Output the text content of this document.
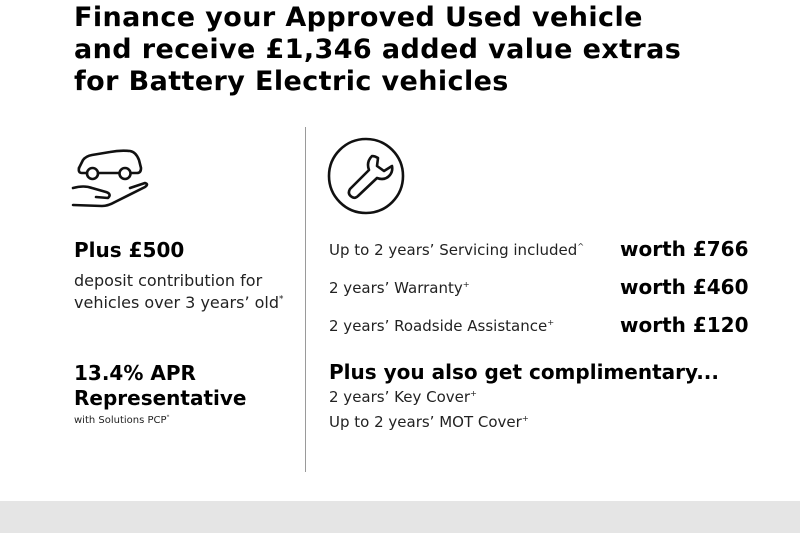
Finance your Approved Used vehicle
and receive £1,346 added value extras
for Battery Electric vehicles

Plus £500

deposit contribution for
vehicles over 3 years’ old*
13.4% APR
Representative
with Solutions PCP*
Up to 2 years’ Servicing included^ worth £766
2 years’ Warranty+	worth £460
2 years’ Roadside Assistance+	worth £120
Plus you also get complimentary...
2 years’ Key Cover+
Up to 2 years’ MOT Cover+
